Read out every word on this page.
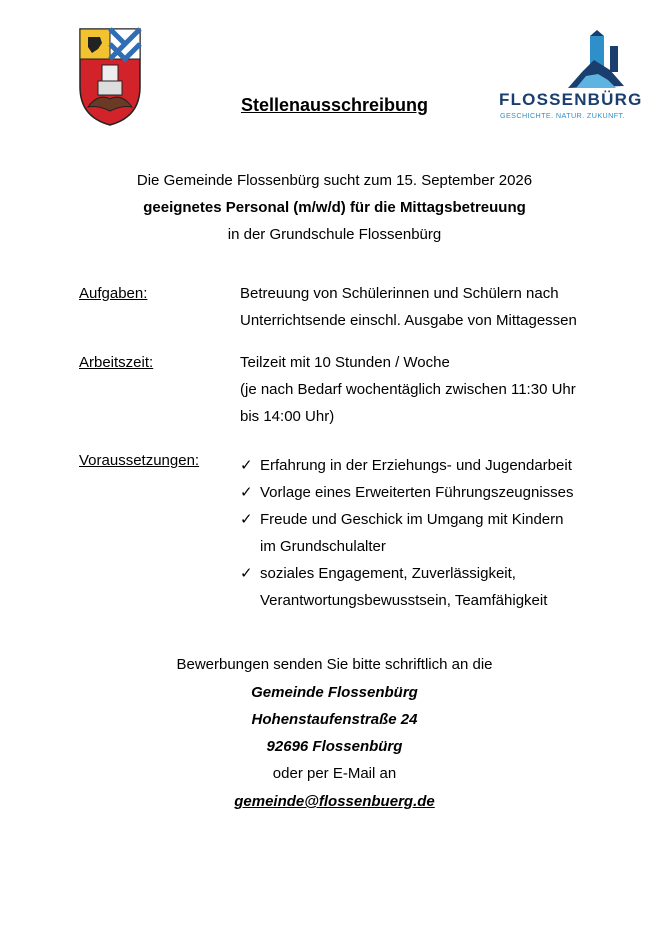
FLOSSENBÜRG
GESCHICHTE. NATUR. ZUKUNFT.
Stellenausschreibung
Die Gemeinde Flossenbürg sucht zum 15. September 2026
geeignetes Personal (m/w/d) für die Mittagsbetreuung
in der Grundschule Flossenbürg
Aufgaben:	Betreuung von Schülerinnen und Schülern nach
Unterrichtsende einschl. Ausgabe von Mittagessen
Arbeitszeit:	Teilzeit mit 10 Stunden / Woche
(je nach Bedarf wochentäglich zwischen 11:30 Uhr
bis 14:00 Uhr)
Voraussetzungen:	✓ Erfahrung in der Erziehungs- und Jugendarbeit
✓ Vorlage eines Erweiterten Führungszeugnisses
✓ Freude und Geschick im Umgang mit Kindern
im Grundschulalter
✓ soziales Engagement, Zuverlässigkeit,
Verantwortungsbewusstsein, Teamfähigkeit
Bewerbungen senden Sie bitte schriftlich an die
Gemeinde Flossenbürg
Hohenstaufenstraße 24
92696 Flossenbürg
oder per E-Mail an
gemeinde@flossenbuerg.de
